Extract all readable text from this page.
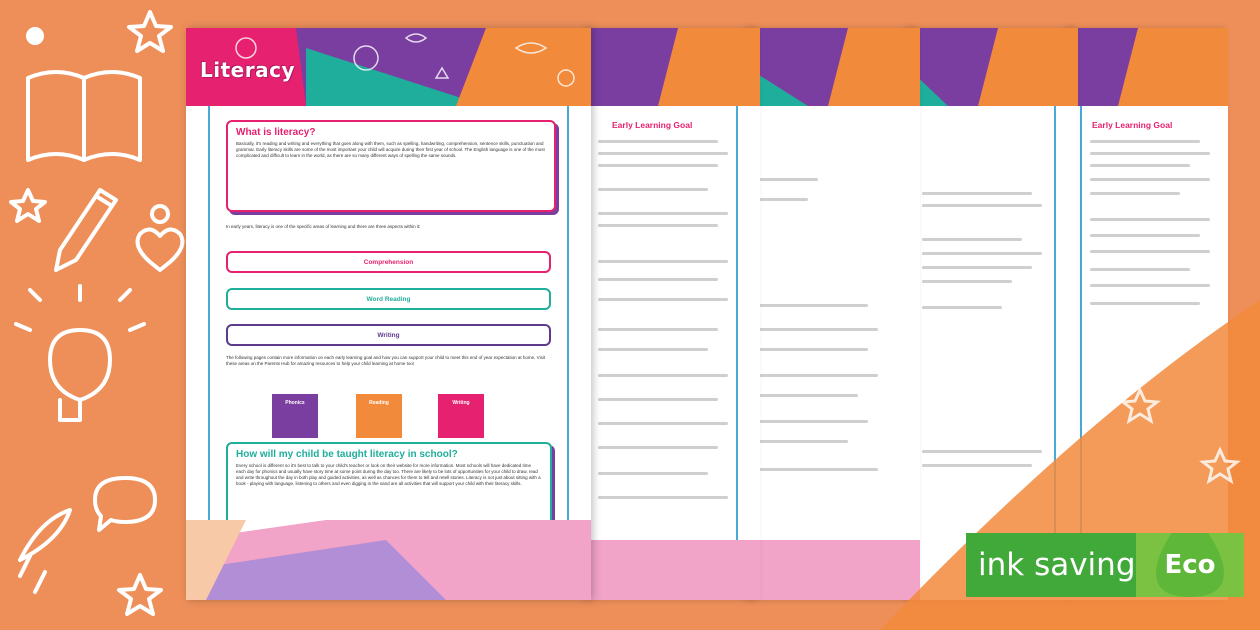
Early Learning Goal
Early Learning Goal
Literacy
What is literacy?

Basically, it's reading and writing and everything that goes along with them, such as spelling, handwriting, comprehension, sentence skills, punctuation and grammar. Early literacy skills are some of the most important your child will acquire during their first year of school. The English language is one of the most complicated and difficult to learn in the world, as there are so many different ways of spelling the same sounds.

In early years, literacy is one of the specific areas of learning and there are three aspects within it:
Comprehension
Word Reading
Writing
The following pages contain more information on each early learning goal and how you can support your child to meet this end of year expectation at home. Visit these areas on the Parents Hub for amazing resources to help your child learning at home too!
Phonics	Reading	Writing
How will my child be taught literacy in school?

Every school is different so it's best to talk to your child's teacher or look on their website for more information. Most schools will have dedicated time each day for phonics and usually have story time at some point during the day too. There are likely to be lots of opportunities for your child to draw, read and write throughout the day in both play and guided activities, as well as chances for them to tell and retell stories. Literacy is not just about sitting with a book - playing with language, listening to others and even digging in the sand are all activities that will support your child with their literacy skills.

ink saving	Eco
